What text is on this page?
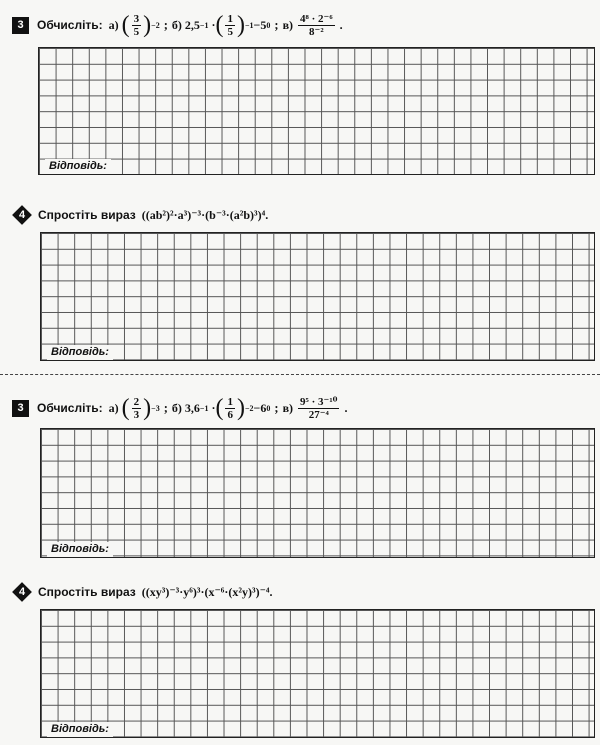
3	Обчисліть: а)
( $\frac{3}{5}$ ) −2 ; б)
2,5 −1 · ( $\frac{1}{5}$ ) −1 −5 0 ; в)
$\frac{\text{4⁸ · 2⁻⁶}}{\text{8⁻²}}$ .
Відповідь:
4	Спростіть вираз ((ab²)²·a³)⁻³·(b⁻³·(a²b)³)⁴.
Відповідь:
3	Обчисліть: а)
( $\frac{2}{3}$ ) −3 ; б)
3,6 −1 · ( $\frac{1}{6}$ ) −2 −6 0 ; в)
$\frac{\text{9⁵ · 3⁻¹⁰}}{\text{27⁻⁴}}$ .
Відповідь:
4	Спростіть вираз ((xy³)⁻³·y⁶)³·(x⁻⁶·(x²y)³)⁻⁴.
Відповідь:
